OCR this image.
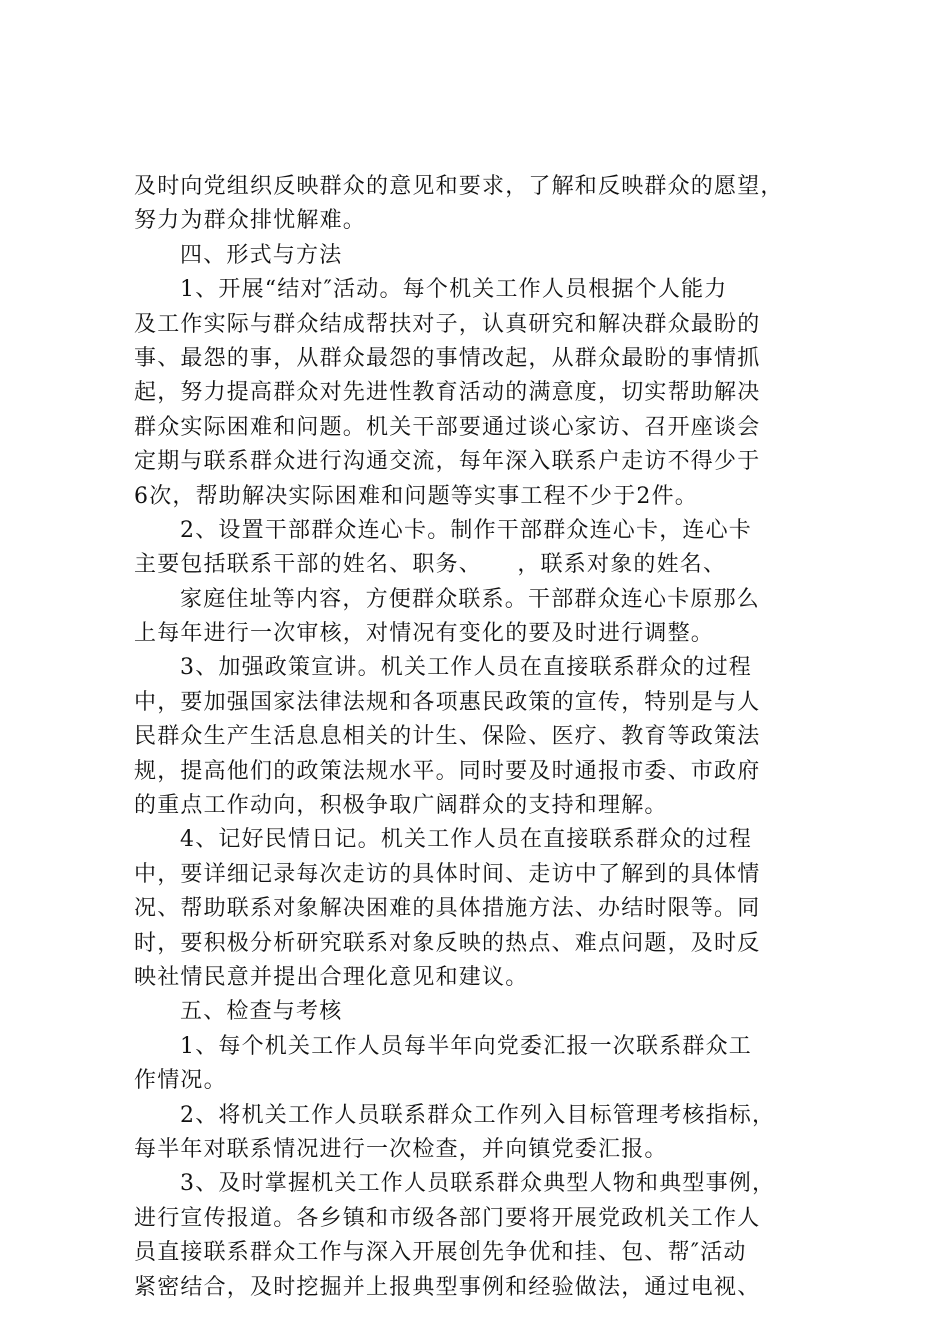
及时向党组织反映群众的意见和要求，了解和反映群众的愿望，
努力为群众排忧解难。
四、形式与方法
1、开展“结对″活动。每个机关工作人员根据个人能力
及工作实际与群众结成帮扶对子，认真研究和解决群众最盼的
事、最怨的事，从群众最怨的事情改起，从群众最盼的事情抓
起，努力提高群众对先进性教育活动的满意度，切实帮助解决
群众实际困难和问题。机关干部要通过谈心家访、召开座谈会
定期与联系群众进行沟通交流，每年深入联系户走访不得少于
6次，帮助解决实际困难和问题等实事工程不少于2件。
2、设置干部群众连心卡。制作干部群众连心卡，连心卡
主要包括联系干部的姓名、职务、　　，联系对象的姓名、
家庭住址等内容，方便群众联系。干部群众连心卡原那么
上每年进行一次审核，对情况有变化的要及时进行调整。
3、加强政策宣讲。机关工作人员在直接联系群众的过程
中，要加强国家法律法规和各项惠民政策的宣传，特别是与人
民群众生产生活息息相关的计生、保险、医疗、教育等政策法
规，提高他们的政策法规水平。同时要及时通报市委、市政府
的重点工作动向，积极争取广阔群众的支持和理解。
4、记好民情日记。机关工作人员在直接联系群众的过程
中，要详细记录每次走访的具体时间、走访中了解到的具体情
况、帮助联系对象解决困难的具体措施方法、办结时限等。同
时，要积极分析研究联系对象反映的热点、难点问题，及时反
映社情民意并提出合理化意见和建议。
五、检查与考核
1、每个机关工作人员每半年向党委汇报一次联系群众工
作情况。
2、将机关工作人员联系群众工作列入目标管理考核指标，
每半年对联系情况进行一次检查，并向镇党委汇报。
3、及时掌握机关工作人员联系群众典型人物和典型事例，
进行宣传报道。各乡镇和市级各部门要将开展党政机关工作人
员直接联系群众工作与深入开展创先争优和挂、包、帮″活动
紧密结合，及时挖掘并上报典型事例和经验做法，通过电视、
